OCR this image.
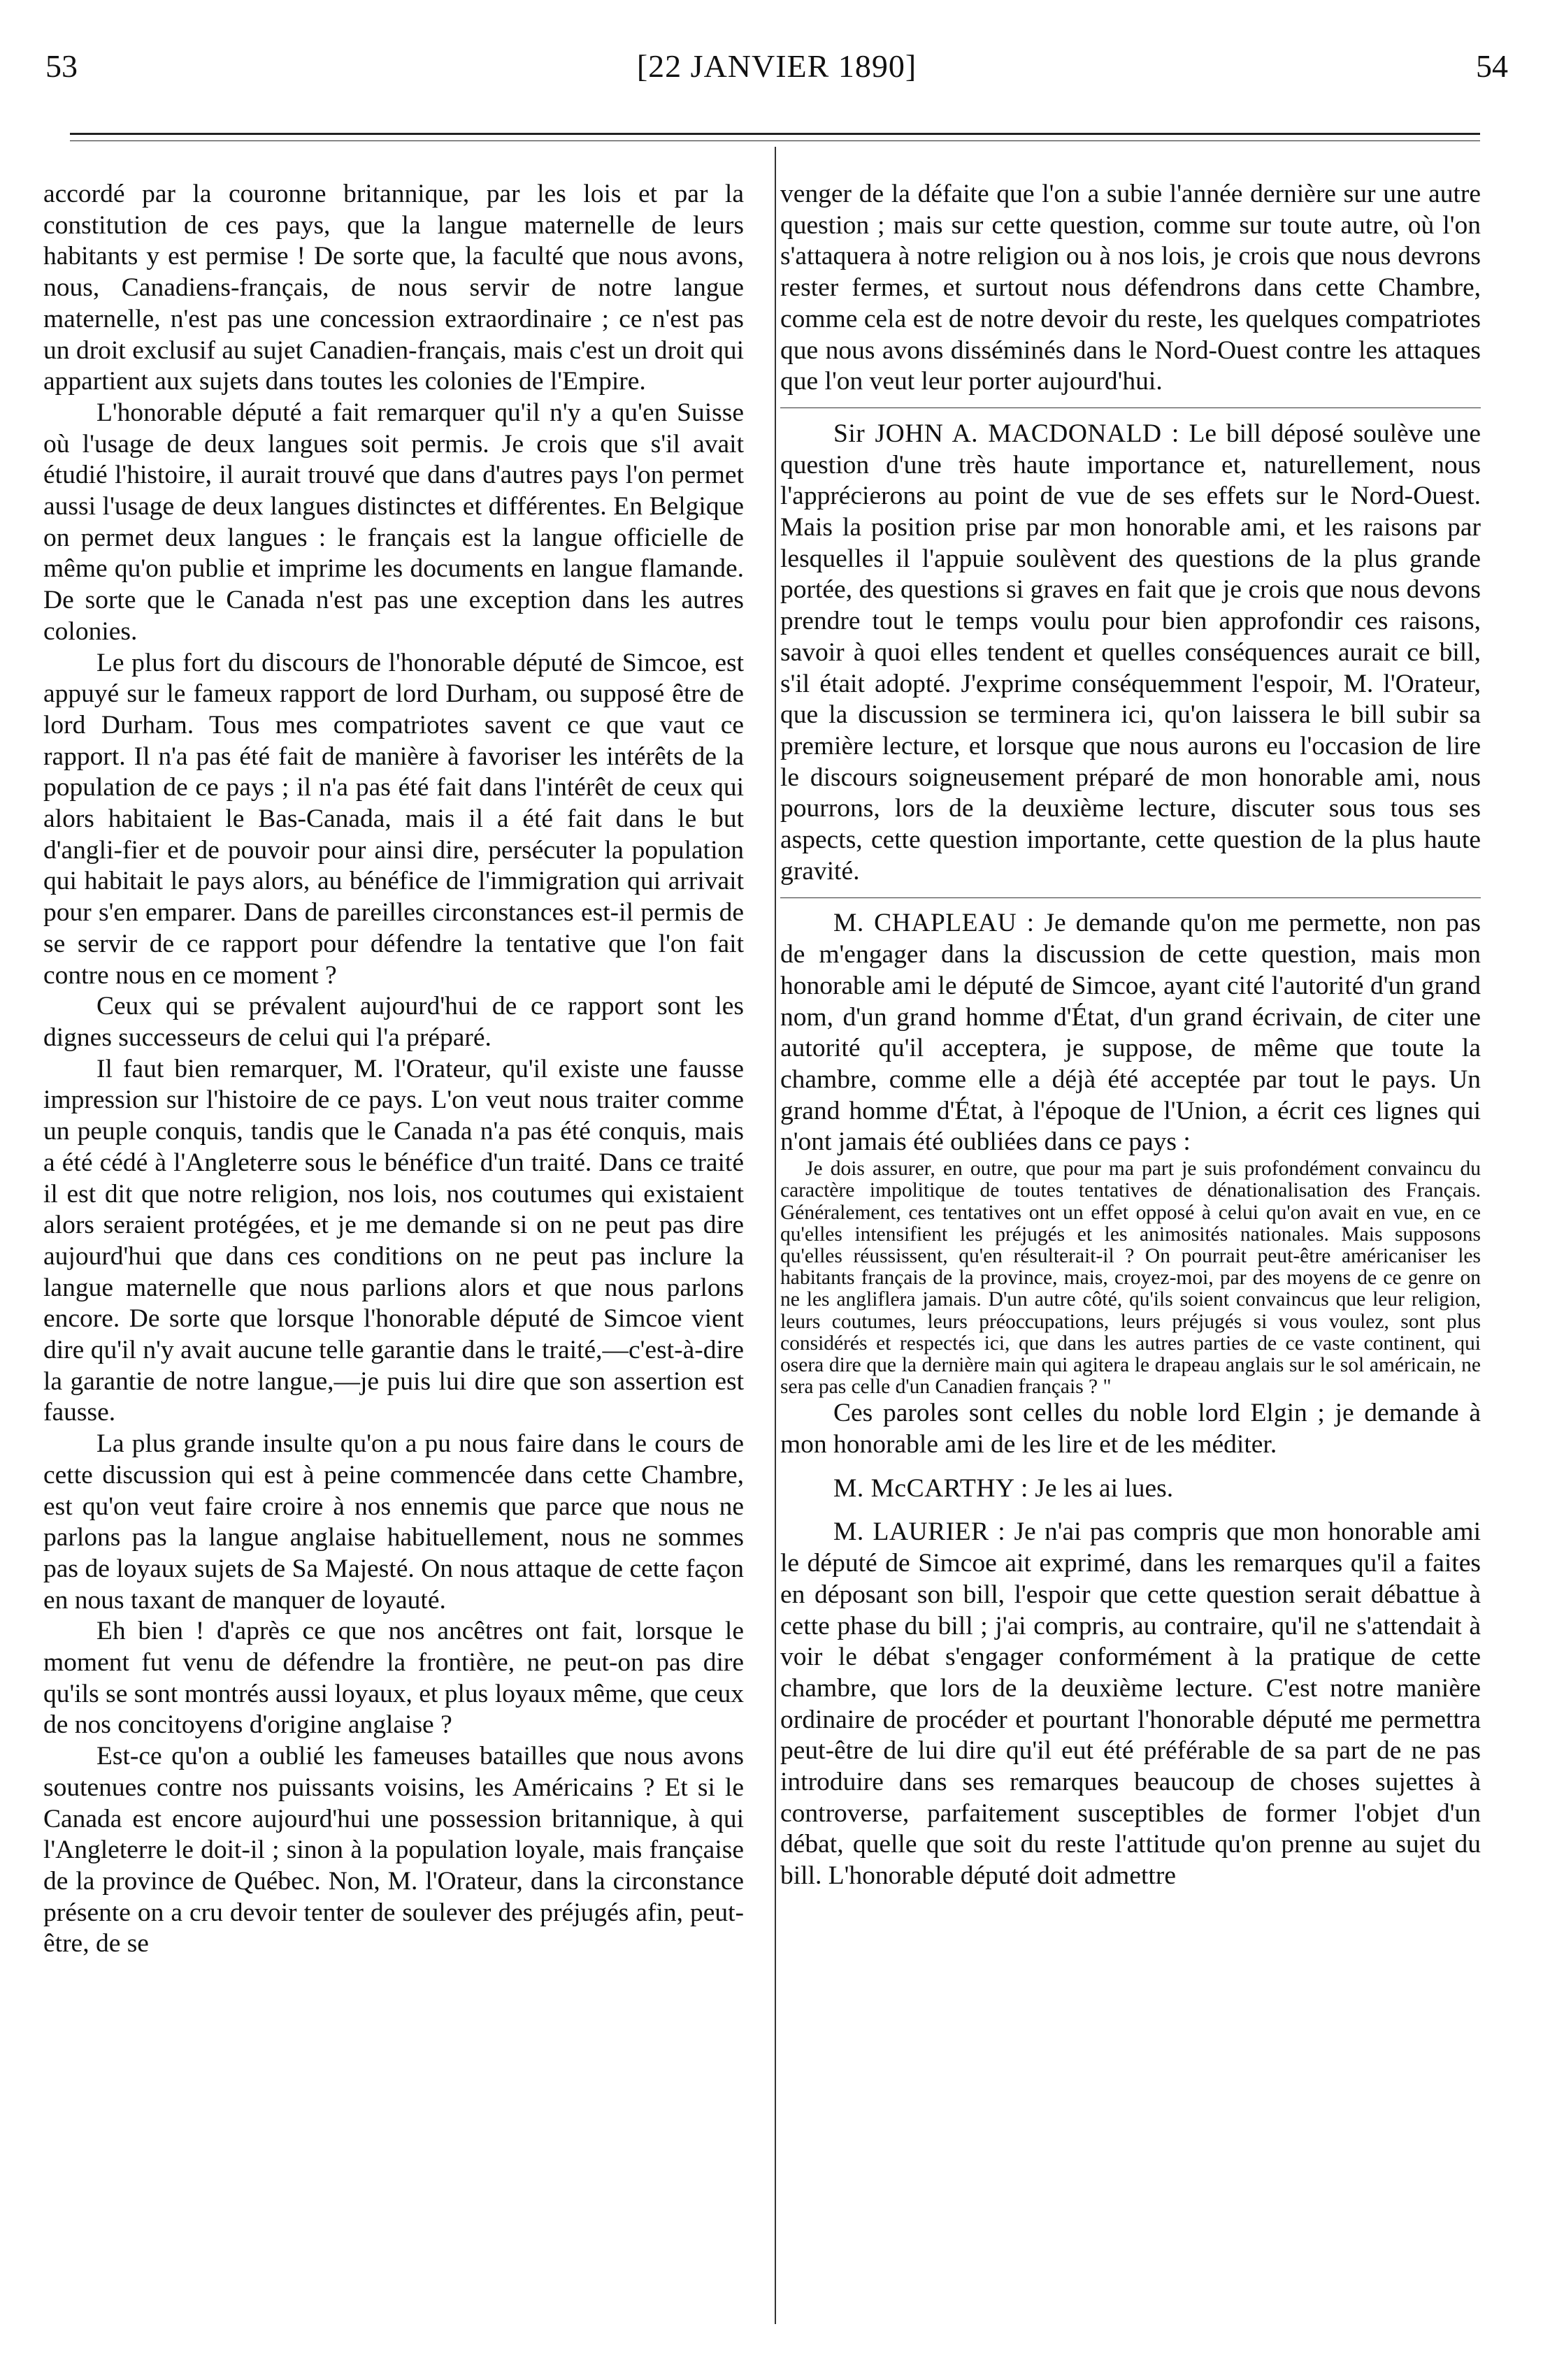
53	[22 JANVIER 1890]	54

accordé par la couronne britannique, par les lois et par la constitution de ces pays, que la langue maternelle de leurs habitants y est permise ! De sorte que, la faculté que nous avons, nous, Canadiens-français, de nous servir de notre langue maternelle, n'est pas une concession extraordinaire ; ce n'est pas un droit exclusif au sujet Canadien-français, mais c'est un droit qui appartient aux sujets dans toutes les colonies de l'Empire.

L'honorable député a fait remarquer qu'il n'y a qu'en Suisse où l'usage de deux langues soit permis. Je crois que s'il avait étudié l'histoire, il aurait trouvé que dans d'autres pays l'on permet aussi l'usage de deux langues distinctes et différentes. En Belgique on permet deux langues : le français est la langue officielle de même qu'on publie et imprime les documents en langue flamande. De sorte que le Canada n'est pas une exception dans les autres colonies.

Le plus fort du discours de l'honorable député de Simcoe, est appuyé sur le fameux rapport de lord Durham, ou supposé être de lord Durham. Tous mes compatriotes savent ce que vaut ce rapport. Il n'a pas été fait de manière à favoriser les intérêts de la population de ce pays ; il n'a pas été fait dans l'intérêt de ceux qui alors habitaient le Bas-Canada, mais il a été fait dans le but d'angli-fier et de pouvoir pour ainsi dire, persécuter la population qui habitait le pays alors, au bénéfice de l'immigration qui arrivait pour s'en emparer. Dans de pareilles circonstances est-il permis de se servir de ce rapport pour défendre la tentative que l'on fait contre nous en ce moment ?

Ceux qui se prévalent aujourd'hui de ce rapport sont les dignes successeurs de celui qui l'a préparé.

Il faut bien remarquer, M. l'Orateur, qu'il existe une fausse impression sur l'histoire de ce pays. L'on veut nous traiter comme un peuple conquis, tandis que le Canada n'a pas été conquis, mais a été cédé à l'Angleterre sous le bénéfice d'un traité. Dans ce traité il est dit que notre religion, nos lois, nos coutumes qui existaient alors seraient protégées, et je me demande si on ne peut pas dire aujourd'hui que dans ces conditions on ne peut pas inclure la langue maternelle que nous parlions alors et que nous parlons encore. De sorte que lorsque l'honorable député de Simcoe vient dire qu'il n'y avait aucune telle garantie dans le traité,—c'est-à-dire la garantie de notre langue,—je puis lui dire que son assertion est fausse.

La plus grande insulte qu'on a pu nous faire dans le cours de cette discussion qui est à peine commencée dans cette Chambre, est qu'on veut faire croire à nos ennemis que parce que nous ne parlons pas la langue anglaise habituellement, nous ne sommes pas de loyaux sujets de Sa Majesté. On nous attaque de cette façon en nous taxant de manquer de loyauté.

Eh bien ! d'après ce que nos ancêtres ont fait, lorsque le moment fut venu de défendre la frontière, ne peut-on pas dire qu'ils se sont montrés aussi loyaux, et plus loyaux même, que ceux de nos concitoyens d'origine anglaise ?

Est-ce qu'on a oublié les fameuses batailles que nous avons soutenues contre nos puissants voisins, les Américains ? Et si le Canada est encore aujourd'hui une possession britannique, à qui l'Angleterre le doit-il ; sinon à la population loyale, mais française de la province de Québec. Non, M. l'Orateur, dans la circonstance présente on a cru devoir tenter de soulever des préjugés afin, peut-être, de se

venger de la défaite que l'on a subie l'année dernière sur une autre question ; mais sur cette question, comme sur toute autre, où l'on s'attaquera à notre religion ou à nos lois, je crois que nous devrons rester fermes, et surtout nous défendrons dans cette Chambre, comme cela est de notre devoir du reste, les quelques compatriotes que nous avons disséminés dans le Nord-Ouest contre les attaques que l'on veut leur porter aujourd'hui.

Sir JOHN A. MACDONALD : Le bill déposé soulève une question d'une très haute importance et, naturellement, nous l'apprécierons au point de vue de ses effets sur le Nord-Ouest. Mais la position prise par mon honorable ami, et les raisons par lesquelles il l'appuie soulèvent des questions de la plus grande portée, des questions si graves en fait que je crois que nous devons prendre tout le temps voulu pour bien approfondir ces raisons, savoir à quoi elles tendent et quelles conséquences aurait ce bill, s'il était adopté. J'exprime conséquemment l'espoir, M. l'Orateur, que la discussion se terminera ici, qu'on laissera le bill subir sa première lecture, et lorsque que nous aurons eu l'occasion de lire le discours soigneusement préparé de mon honorable ami, nous pourrons, lors de la deuxième lecture, discuter sous tous ses aspects, cette question importante, cette question de la plus haute gravité.

M. CHAPLEAU : Je demande qu'on me permette, non pas de m'engager dans la discussion de cette question, mais mon honorable ami le député de Simcoe, ayant cité l'autorité d'un grand nom, d'un grand homme d'État, d'un grand écrivain, de citer une autorité qu'il acceptera, je suppose, de même que toute la chambre, comme elle a déjà été acceptée par tout le pays. Un grand homme d'État, à l'époque de l'Union, a écrit ces lignes qui n'ont jamais été oubliées dans ce pays :

Je dois assurer, en outre, que pour ma part je suis profondément convaincu du caractère impolitique de toutes tentatives de dénationalisation des Français. Généralement, ces tentatives ont un effet opposé à celui qu'on avait en vue, en ce qu'elles intensifient les préjugés et les animosités nationales. Mais supposons qu'elles réussissent, qu'en résulterait-il ? On pourrait peut-être américaniser les habitants français de la province, mais, croyez-moi, par des moyens de ce genre on ne les angliflera jamais. D'un autre côté, qu'ils soient convaincus que leur religion, leurs coutumes, leurs préoccupations, leurs préjugés si vous voulez, sont plus considérés et respectés ici, que dans les autres parties de ce vaste continent, qui osera dire que la dernière main qui agitera le drapeau anglais sur le sol américain, ne sera pas celle d'un Canadien français ? "

Ces paroles sont celles du noble lord Elgin ; je demande à mon honorable ami de les lire et de les méditer.

M. McCARTHY : Je les ai lues.

M. LAURIER : Je n'ai pas compris que mon honorable ami le député de Simcoe ait exprimé, dans les remarques qu'il a faites en déposant son bill, l'espoir que cette question serait débattue à cette phase du bill ; j'ai compris, au contraire, qu'il ne s'attendait à voir le débat s'engager conformément à la pratique de cette chambre, que lors de la deuxième lecture. C'est notre manière ordinaire de procéder et pourtant l'honorable député me permettra peut-être de lui dire qu'il eut été préférable de sa part de ne pas introduire dans ses remarques beaucoup de choses sujettes à controverse, parfaitement susceptibles de former l'objet d'un débat, quelle que soit du reste l'attitude qu'on prenne au sujet du bill. L'honorable député doit admettre
